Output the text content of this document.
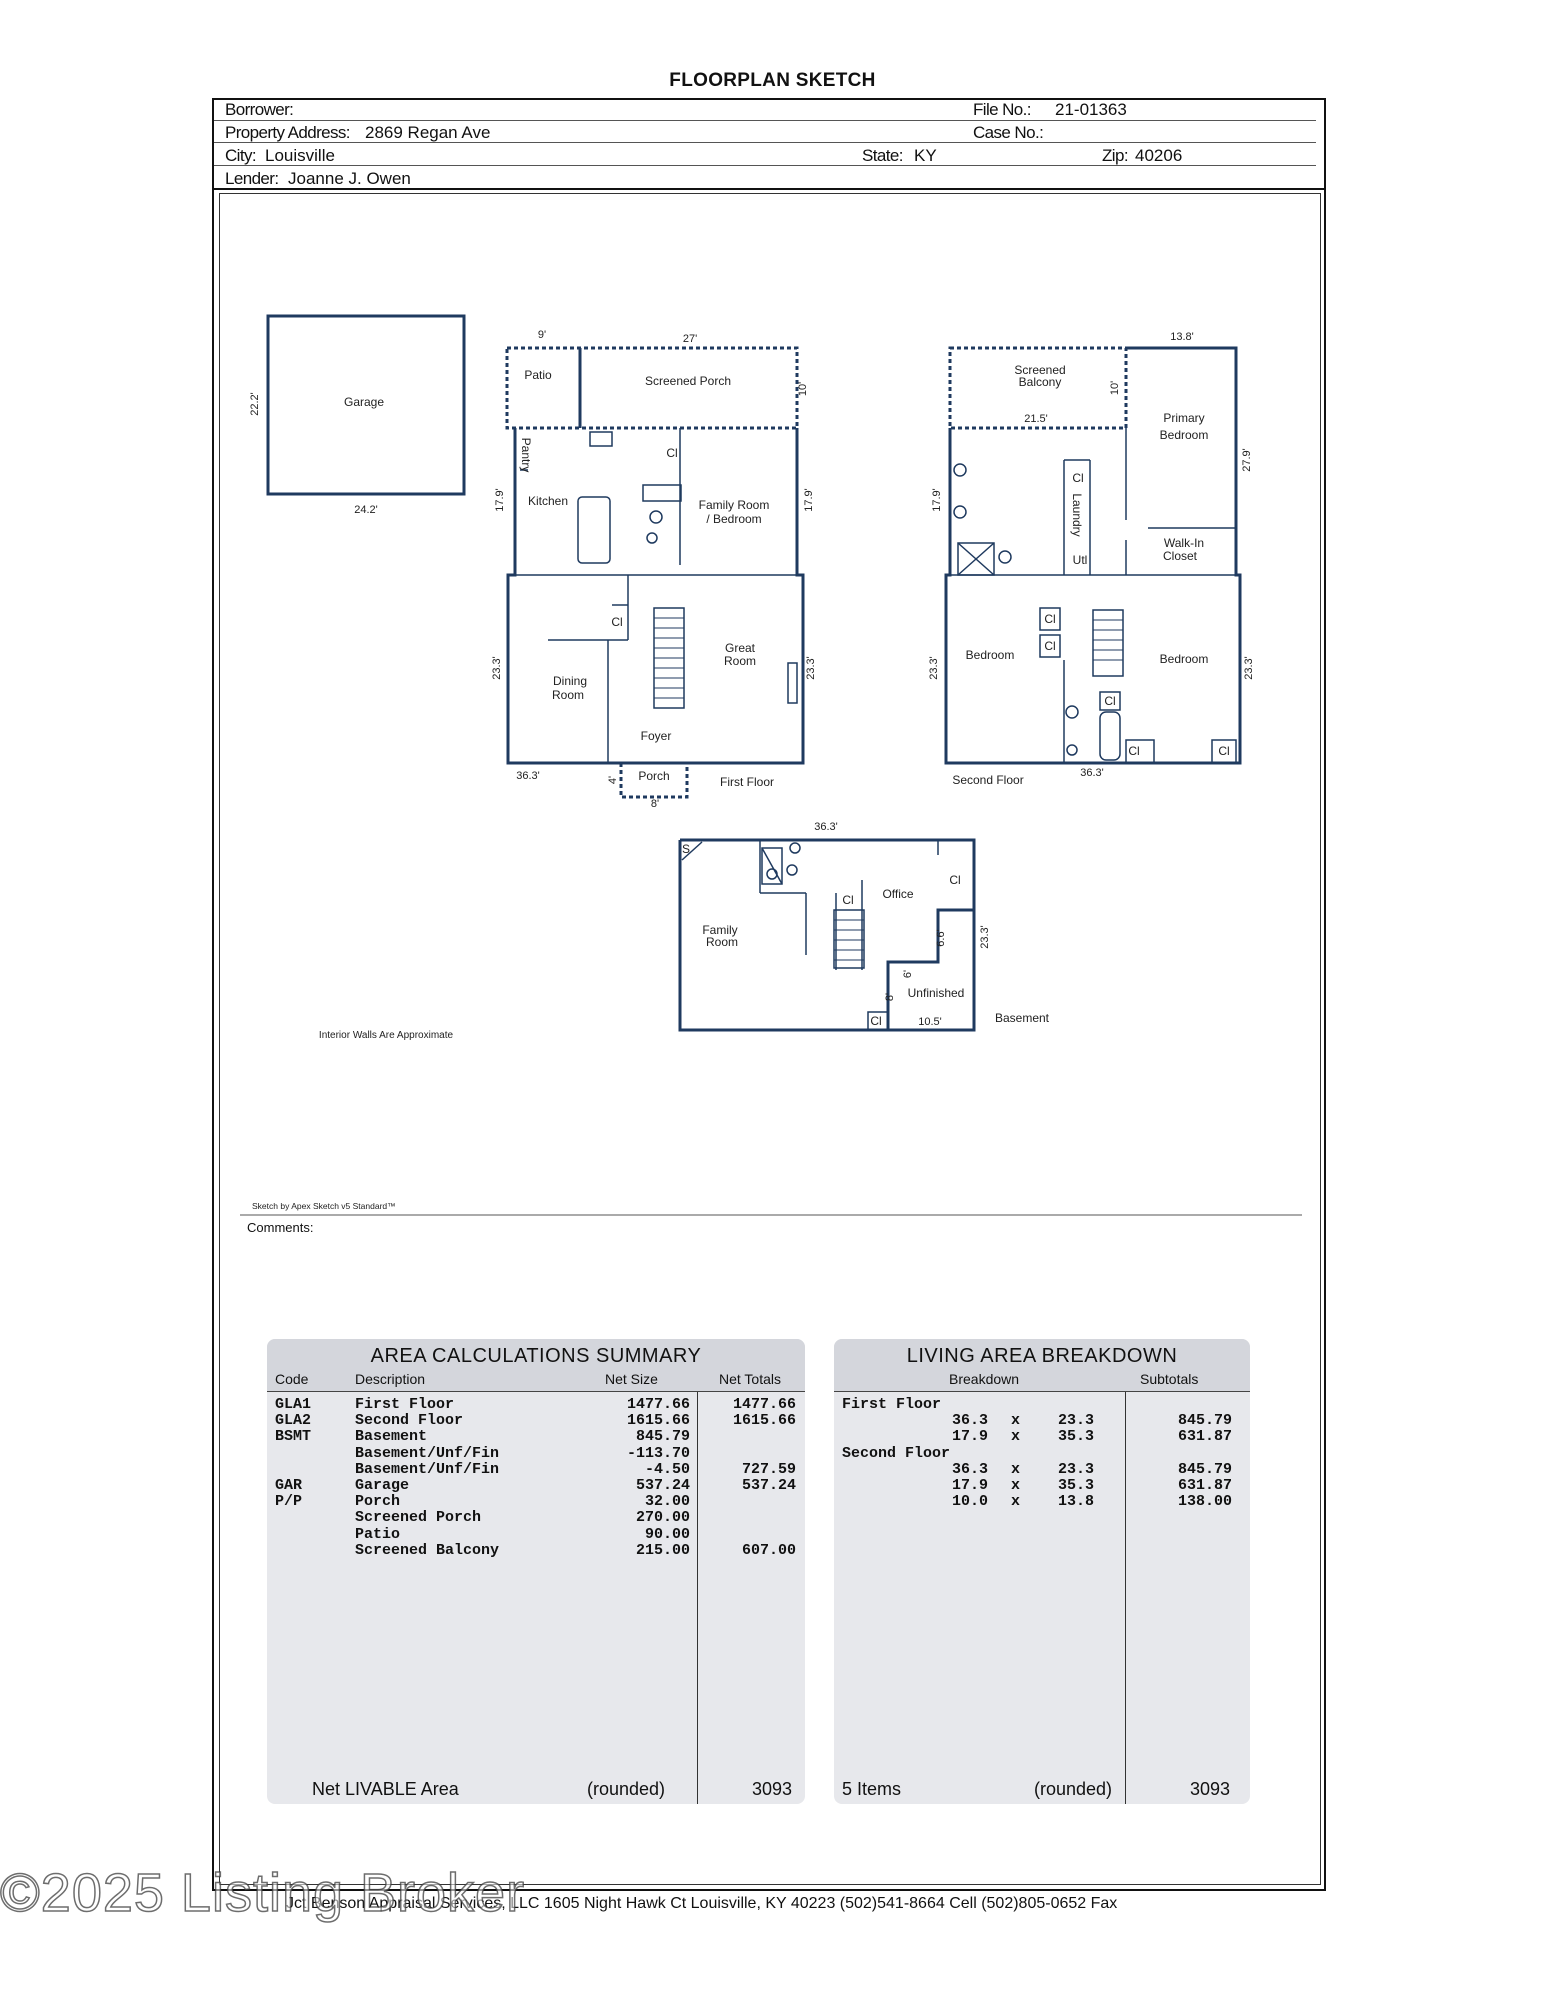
FLOORPLAN SKETCH
Borrower:	File No.: 21-01363
Property Address: 2869 Regan Ave	Case No.:
City: Louisville	State: KY	Zip: 40206
Lender: Joanne J. Owen
Garage
Patio	Screened Porch
Kitchen	Family Room
/ Bedroom
Cl
Cl
Dining
Room
Great
Room
Foyer
Porch	First Floor
Screened
Balcony
Primary
Bedroom
Cl
Utl
Walk-In
Closet
Bedroom	Bedroom
Cl
Cl
Cl
Cl	Cl
Second Floor
S
Family
Room
Cl Office
Cl
Unfinished
Cl	Basement
Pantry
Laundry
22.2'
24.2'
9'	27'
10'
17.9'	17.9'
23.3'	23.3'
36.3'	4'
8'
13.8'
10'
21.5'
27.9'
17.9'
23.3'	23.3'
36.3'
36.3'
23.3'
6.6'
6'
8'
10.5'
Interior Walls Are Approximate
Sketch by Apex Sketch v5 Standard™
Comments:
AREA CALCULATIONS SUMMARY
Code	Description	Net Size	Net Totals
GLA1	First Floor	1477.66	1477.66
GLA2	Second Floor	1615.66	1615.66
BSMT	Basement	845.79
Basement/Unf/Fin	-113.70
Basement/Unf/Fin	-4.50	727.59
GAR	Garage	537.24	537.24
P/P	Porch	32.00
Screened Porch	270.00
Patio	90.00
Screened Balcony	215.00	607.00
Net LIVABLE Area	(rounded)	3093
LIVING AREA BREAKDOWN
Breakdown	Subtotals
First Floor
36.3 x	23.3	845.79
17.9 x	35.3	631.87
Second Floor
36.3 x	23.3	845.79
17.9 x	35.3	631.87
10.0 x	13.8	138.00
5 Items	(rounded)	3093
Jct Benson Appraisal Services, LLC 1605 Night Hawk Ct Louisville, KY 40223 (502)541-8664 Cell (502)805-0652 Fax
©2025 Listing Broker
